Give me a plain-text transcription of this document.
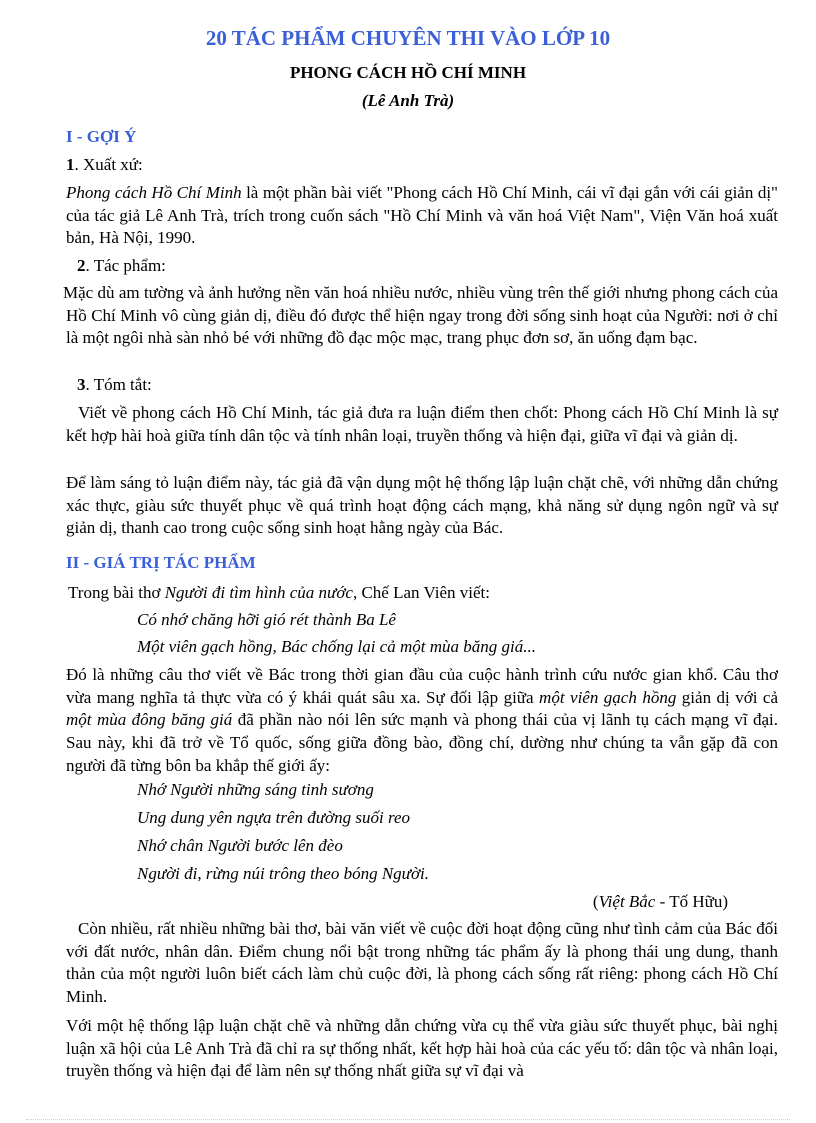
20 TÁC PHẨM CHUYÊN THI VÀO LỚP 10
PHONG CÁCH HỒ CHÍ MINH
(Lê Anh Trà)
I - GỢI Ý
1. Xuất xứ:
Phong cách Hồ Chí Minh là một phần bài viết "Phong cách Hồ Chí Minh, cái vĩ đại gắn với cái giản dị" của tác giả Lê Anh Trà, trích trong cuốn sách "Hồ Chí Minh và văn hoá Việt Nam", Viện Văn hoá xuất bản, Hà Nội, 1990.
2. Tác phẩm:
Mặc dù am tường và ảnh hưởng nền văn hoá nhiều nước, nhiều vùng trên thế giới nhưng phong cách của Hồ Chí Minh vô cùng giản dị, điều đó được thể hiện ngay trong đời sống sinh hoạt của Người: nơi ở chỉ là một ngôi nhà sàn nhỏ bé với những đồ đạc mộc mạc, trang phục đơn sơ, ăn uống đạm bạc.
3. Tóm tắt:
Viết về phong cách Hồ Chí Minh, tác giả đưa ra luận điểm then chốt: Phong cách Hồ Chí Minh là sự kết hợp hài hoà giữa tính dân tộc và tính nhân loại, truyền thống và hiện đại, giữa vĩ đại và giản dị.
Để làm sáng tỏ luận điểm này, tác giả đã vận dụng một hệ thống lập luận chặt chẽ, với những dẫn chứng xác thực, giàu sức thuyết phục về quá trình hoạt động cách mạng, khả năng sử dụng ngôn ngữ và sự giản dị, thanh cao trong cuộc sống sinh hoạt hằng ngày của Bác.
II - GIÁ TRỊ TÁC PHẨM
Trong bài thơ Người đi tìm hình của nước, Chế Lan Viên viết:
Có nhớ chăng hỡi gió rét thành Ba Lê
Một viên gạch hồng, Bác chống lại cả một mùa băng giá...
Đó là những câu thơ viết về Bác trong thời gian đầu của cuộc hành trình cứu nước gian khổ. Câu thơ vừa mang nghĩa tả thực vừa có ý khái quát sâu xa. Sự đối lập giữa một viên gạch hồng giản dị với cả một mùa đông băng giá đã phần nào nói lên sức mạnh và phong thái của vị lãnh tụ cách mạng vĩ đại. Sau này, khi đã trở về Tổ quốc, sống giữa đồng bào, đồng chí, dường như chúng ta vẫn gặp đã con người đã từng bôn ba khắp thế giới ấy:
Nhớ Người những sáng tinh sương
Ung dung yên ngựa trên đường suối reo
Nhớ chân Người bước lên đèo
Người đi, rừng núi trông theo bóng Người.
(Việt Bắc - Tố Hữu)
Còn nhiều, rất nhiều những bài thơ, bài văn viết về cuộc đời hoạt động cũng như tình cảm của Bác đối với đất nước, nhân dân. Điểm chung nổi bật trong những tác phẩm ấy là phong thái ung dung, thanh thản của một người luôn biết cách làm chủ cuộc đời, là phong cách sống rất riêng: phong cách Hồ Chí Minh.
Với một hệ thống lập luận chặt chẽ và những dẫn chứng vừa cụ thể vừa giàu sức thuyết phục, bài nghị luận xã hội của Lê Anh Trà đã chỉ ra sự thống nhất, kết hợp hài hoà của các yếu tố: dân tộc và nhân loại, truyền thống và hiện đại để làm nên sự thống nhất giữa sự vĩ đại và
